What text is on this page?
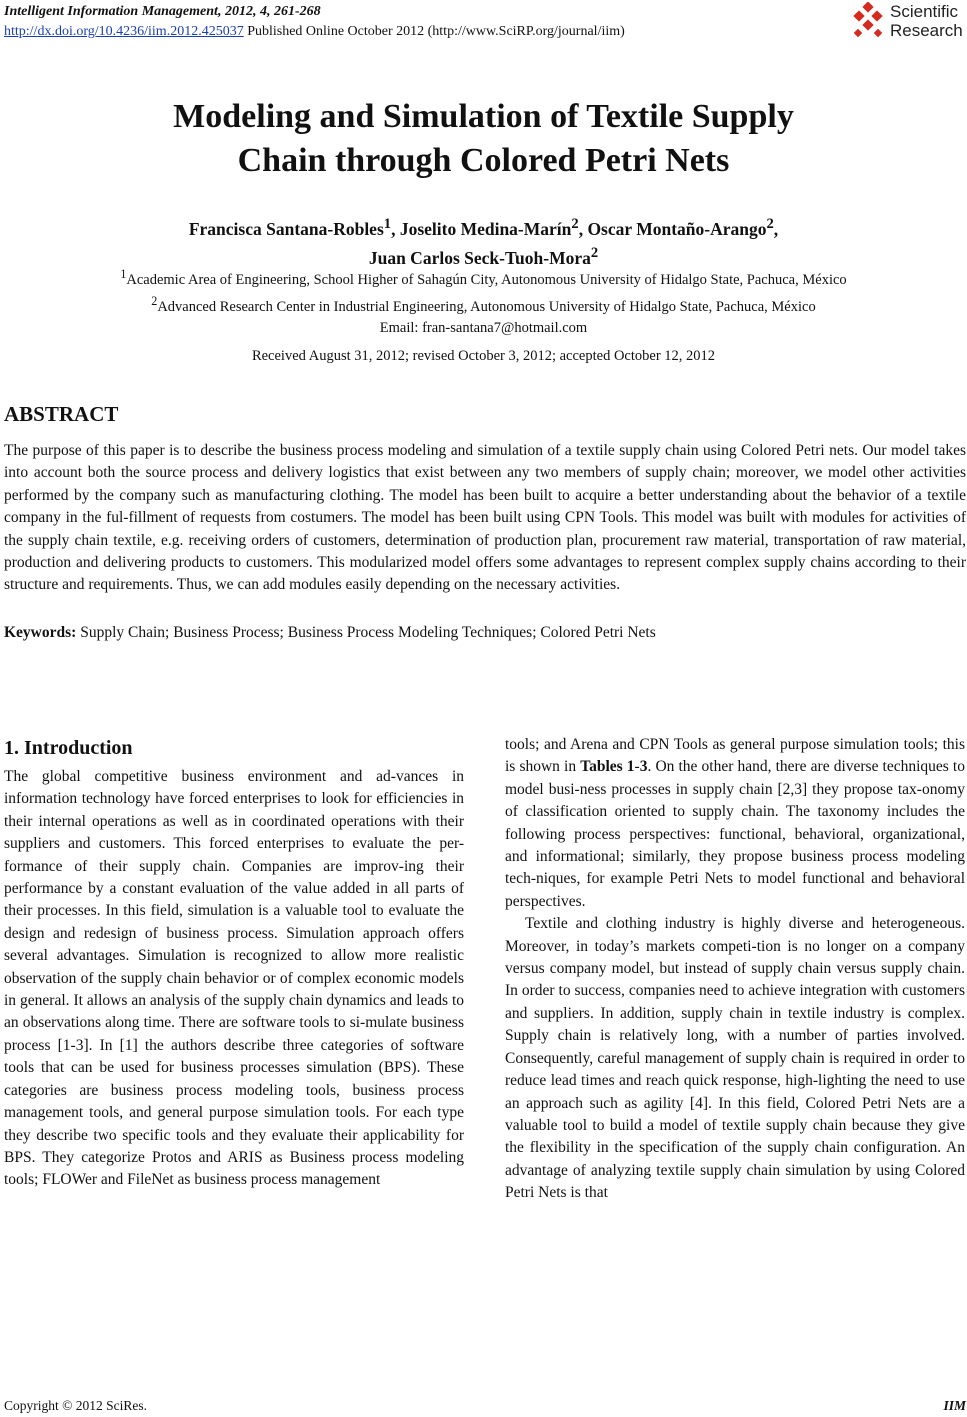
Intelligent Information Management, 2012, 4, 261-268
http://dx.doi.org/10.4236/iim.2012.425037 Published Online October 2012 (http://www.SciRP.org/journal/iim)
Scientific
Research
Modeling and Simulation of Textile Supply
Chain through Colored Petri Nets
Francisca Santana-Robles$^1$, Joselito Medina-Marín$^2$, Oscar Montaño-Arango$^2$,
Juan Carlos Seck-Tuoh-Mora$^2$
$^1$Academic Area of Engineering, School Higher of Sahagún City, Autonomous University of Hidalgo State, Pachuca, México
$^2$Advanced Research Center in Industrial Engineering, Autonomous University of Hidalgo State, Pachuca, México
Email: fran-santana7@hotmail.com
Received August 31, 2012; revised October 3, 2012; accepted October 12, 2012
ABSTRACT
The purpose of this paper is to describe the business process modeling and simulation of a textile supply chain using Colored Petri nets. Our model takes into account both the source process and delivery logistics that exist between any two members of supply chain; moreover, we model other activities performed by the company such as manufacturing clothing. The model has been built to acquire a better understanding about the behavior of a textile company in the ful-fillment of requests from costumers. The model has been built using CPN Tools. This model was built with modules for activities of the supply chain textile, e.g. receiving orders of customers, determination of production plan, procurement raw material, transportation of raw material, production and delivering products to customers. This modularized model offers some advantages to represent complex supply chains according to their structure and requirements. Thus, we can add modules easily depending on the necessary activities.
Keywords: Supply Chain; Business Process; Business Process Modeling Techniques; Colored Petri Nets
1. Introduction

The global competitive business environment and ad-vances in information technology have forced enterprises to look for efficiencies in their internal operations as well as in coordinated operations with their suppliers and customers. This forced enterprises to evaluate the per-formance of their supply chain. Companies are improv-ing their performance by a constant evaluation of the value added in all parts of their processes. In this field, simulation is a valuable tool to evaluate the design and redesign of business process. Simulation approach offers several advantages. Simulation is recognized to allow more realistic observation of the supply chain behavior or of complex economic models in general. It allows an analysis of the supply chain dynamics and leads to an observations along time. There are software tools to si-mulate business process [1-3]. In [1] the authors describe three categories of software tools that can be used for business processes simulation (BPS). These categories are business process modeling tools, business process management tools, and general purpose simulation tools. For each type they describe two specific tools and they evaluate their applicability for BPS. They categorize Protos and ARIS as Business process modeling tools; FLOWer and FileNet as business process management

tools; and Arena and CPN Tools as general purpose simulation tools; this is shown in Tables 1-3. On the other hand, there are diverse techniques to model busi-ness processes in supply chain [2,3] they propose tax-onomy of classification oriented to supply chain. The taxonomy includes the following process perspectives: functional, behavioral, organizational, and informational; similarly, they propose business process modeling tech-niques, for example Petri Nets to model functional and behavioral perspectives.

Textile and clothing industry is highly diverse and heterogeneous. Moreover, in today’s markets competi-tion is no longer on a company versus company model, but instead of supply chain versus supply chain. In order to success, companies need to achieve integration with customers and suppliers. In addition, supply chain in textile industry is complex. Supply chain is relatively long, with a number of parties involved. Consequently, careful management of supply chain is required in order to reduce lead times and reach quick response, high-lighting the need to use an approach such as agility [4]. In this field, Colored Petri Nets are a valuable tool to build a model of textile supply chain because they give the flexibility in the specification of the supply chain configuration. An advantage of analyzing textile supply chain simulation by using Colored Petri Nets is that

Copyright © 2012 SciRes.	IIM
